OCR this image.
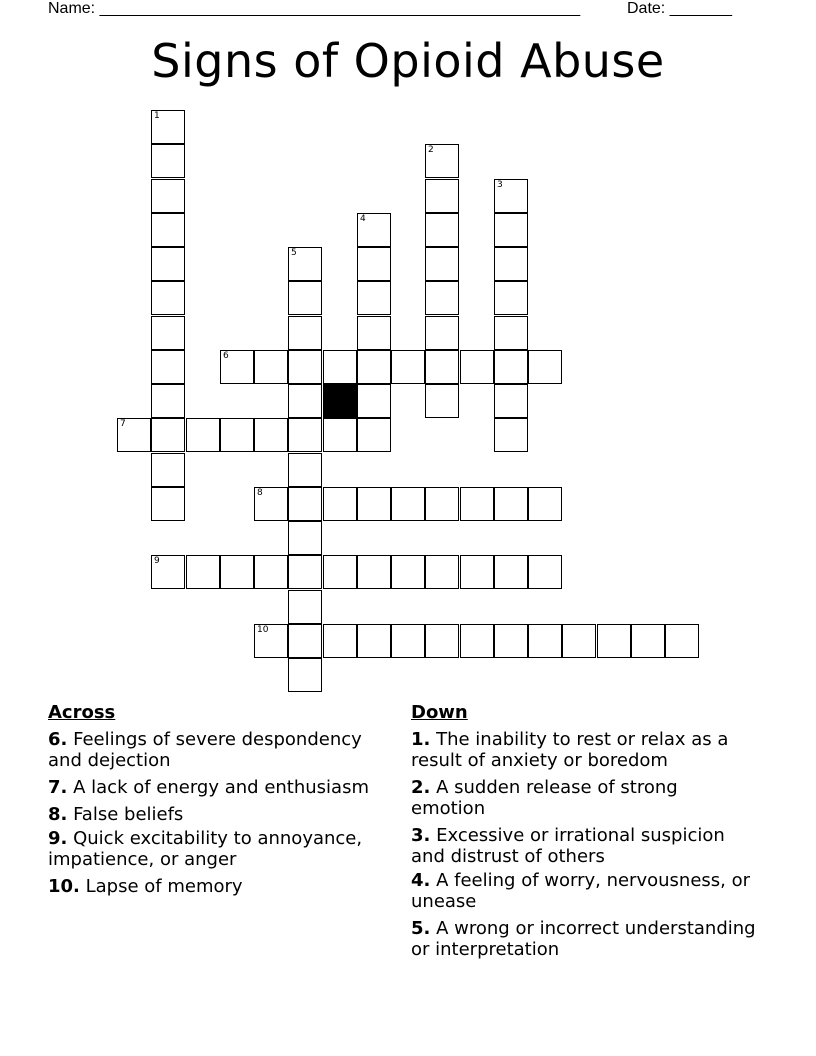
Name: ______________________________________________________	Date: _______
Signs of Opioid Abuse
1
2
3
4
5
6
7
8
9
10
Across
6. Feelings of severe despondency and dejection
7. A lack of energy and enthusiasm
8. False beliefs
9. Quick excitability to annoyance, impatience, or anger
10. Lapse of memory
Down
1. The inability to rest or relax as a result of anxiety or boredom
2. A sudden release of strong emotion
3. Excessive or irrational suspicion and distrust of others
4. A feeling of worry, nervousness, or unease
5. A wrong or incorrect understanding or interpretation
